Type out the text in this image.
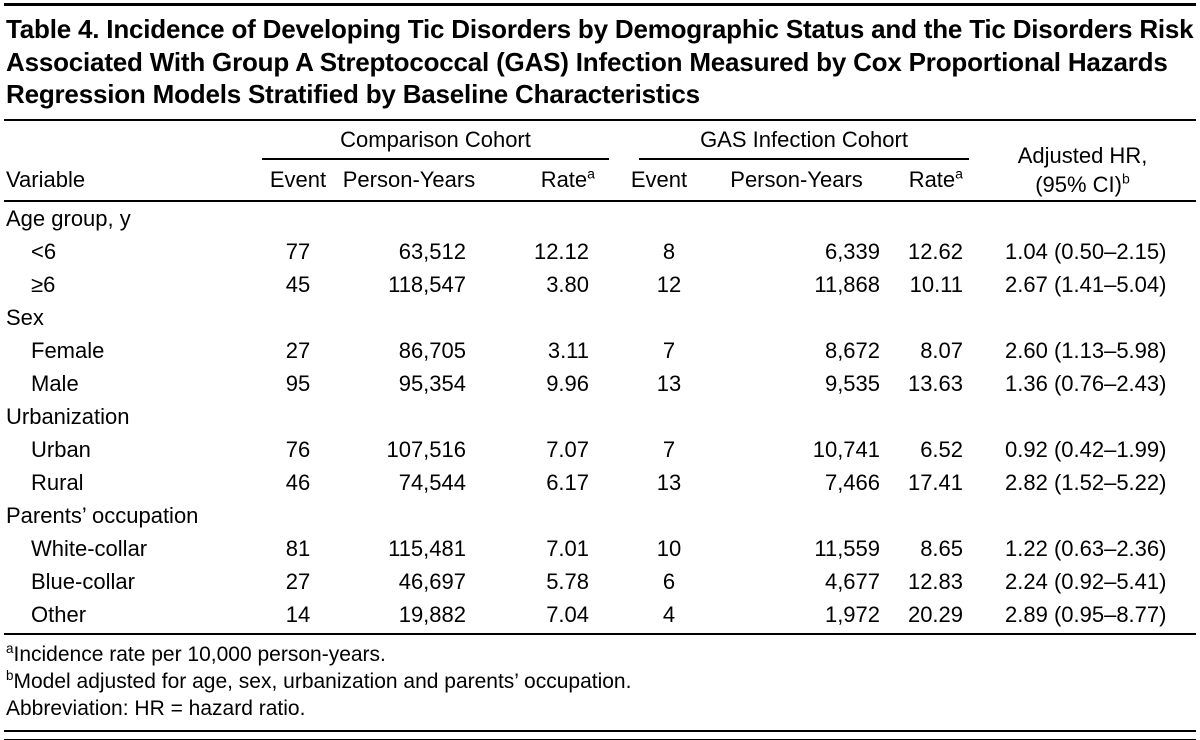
Table 4. Incidence of Developing Tic Disorders by Demographic Status and the Tic Disorders Risk Associated With Group A Streptococcal (GAS) Infection Measured by Cox Proportional Hazards Regression Models Stratified by Baseline Characteristics

	Comparison Cohort			GAS Infection Cohort			Adjusted HR,
(95% CI)$^b$

Variable	Event	Person-Years	Rate$^a$	Event	Person-Years	Rate$^a$
Age group, y							
<6	77	63,512	12.12	8	6,339	12.62	1.04 (0.50–2.15)
≥6	45	118,547	3.80	12	11,868	10.11	2.67 (1.41–5.04)
Sex							
Female	27	86,705	3.11	7	8,672	8.07	2.60 (1.13–5.98)
Male	95	95,354	9.96	13	9,535	13.63	1.36 (0.76–2.43)
Urbanization							
Urban	76	107,516	7.07	7	10,741	6.52	0.92 (0.42–1.99)
Rural	46	74,544	6.17	13	7,466	17.41	2.82 (1.52–5.22)
Parents’ occupation							
White-collar	81	115,481	7.01	10	11,559	8.65	1.22 (0.63–2.36)
Blue-collar	27	46,697	5.78	6	4,677	12.83	2.24 (0.92–5.41)
Other	14	19,882	7.04	4	1,972	20.29	2.89 (0.95–8.77)
$^a$Incidence rate per 10,000 person-years.
$^b$Model adjusted for age, sex, urbanization and parents’ occupation.
Abbreviation: HR = hazard ratio.
